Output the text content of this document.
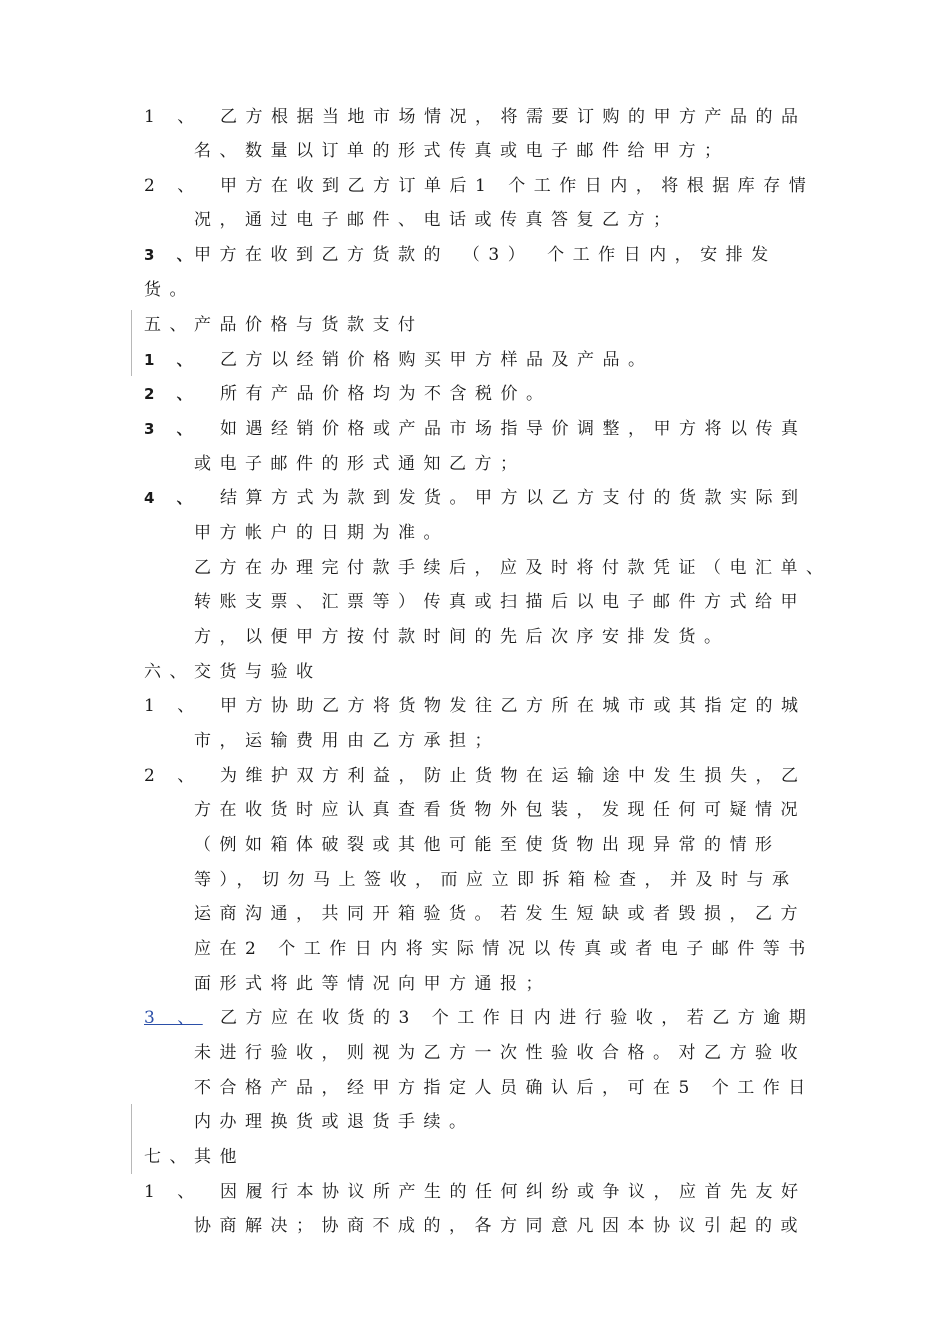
1 、 乙方根据当地市场情况，将需要订购的甲方产品的品
名、数量以订单的形式传真或电子邮件给甲方；
2 、 甲方在收到乙方订单后1 个工作日内，将根据库存情
况，通过电子邮件、电话或传真答复乙方；
3 、
甲方在收到乙方货款的 （3） 个工作日内，安排发
货。
五、 产品价格与货款支付
1 、 乙方以经销价格购买甲方样品及产品。
2 、 所有产品价格均为不含税价。
3 、 如遇经销价格或产品市场指导价调整，甲方将以传真
或电子邮件的形式通知乙方；
4 、 结算方式为款到发货。甲方以乙方支付的货款实际到
甲方帐户的日期为准。
乙方在办理完付款手续后，应及时将付款凭证（电汇单、
转账支票、汇票等）传真或扫描后以电子邮件方式给甲
方，以便甲方按付款时间的先后次序安排发货。
六、 交货与验收
1 、 甲方协助乙方将货物发往乙方所在城市或其指定的城
市，运输费用由乙方承担；
2 、 为维护双方利益，防止货物在运输途中发生损失，乙
方在收货时应认真查看货物外包装，发现任何可疑情况
（例如箱体破裂或其他可能至使货物出现异常的情形
等），切勿马上签收，而应立即拆箱检查，并及时与承
运商沟通，共同开箱验货。若发生短缺或者毁损，乙方
应在2 个工作日内将实际情况以传真或者电子邮件等书
面形式将此等情况向甲方通报；
3 、 乙方应在收货的3 个工作日内进行验收，若乙方逾期
未进行验收，则视为乙方一次性验收合格。对乙方验收
不合格产品，经甲方指定人员确认后，可在5 个工作日
内办理换货或退货手续。
七、 其他
1 、 因履行本协议所产生的任何纠纷或争议，应首先友好
协商解决；协商不成的，各方同意凡因本协议引起的或
